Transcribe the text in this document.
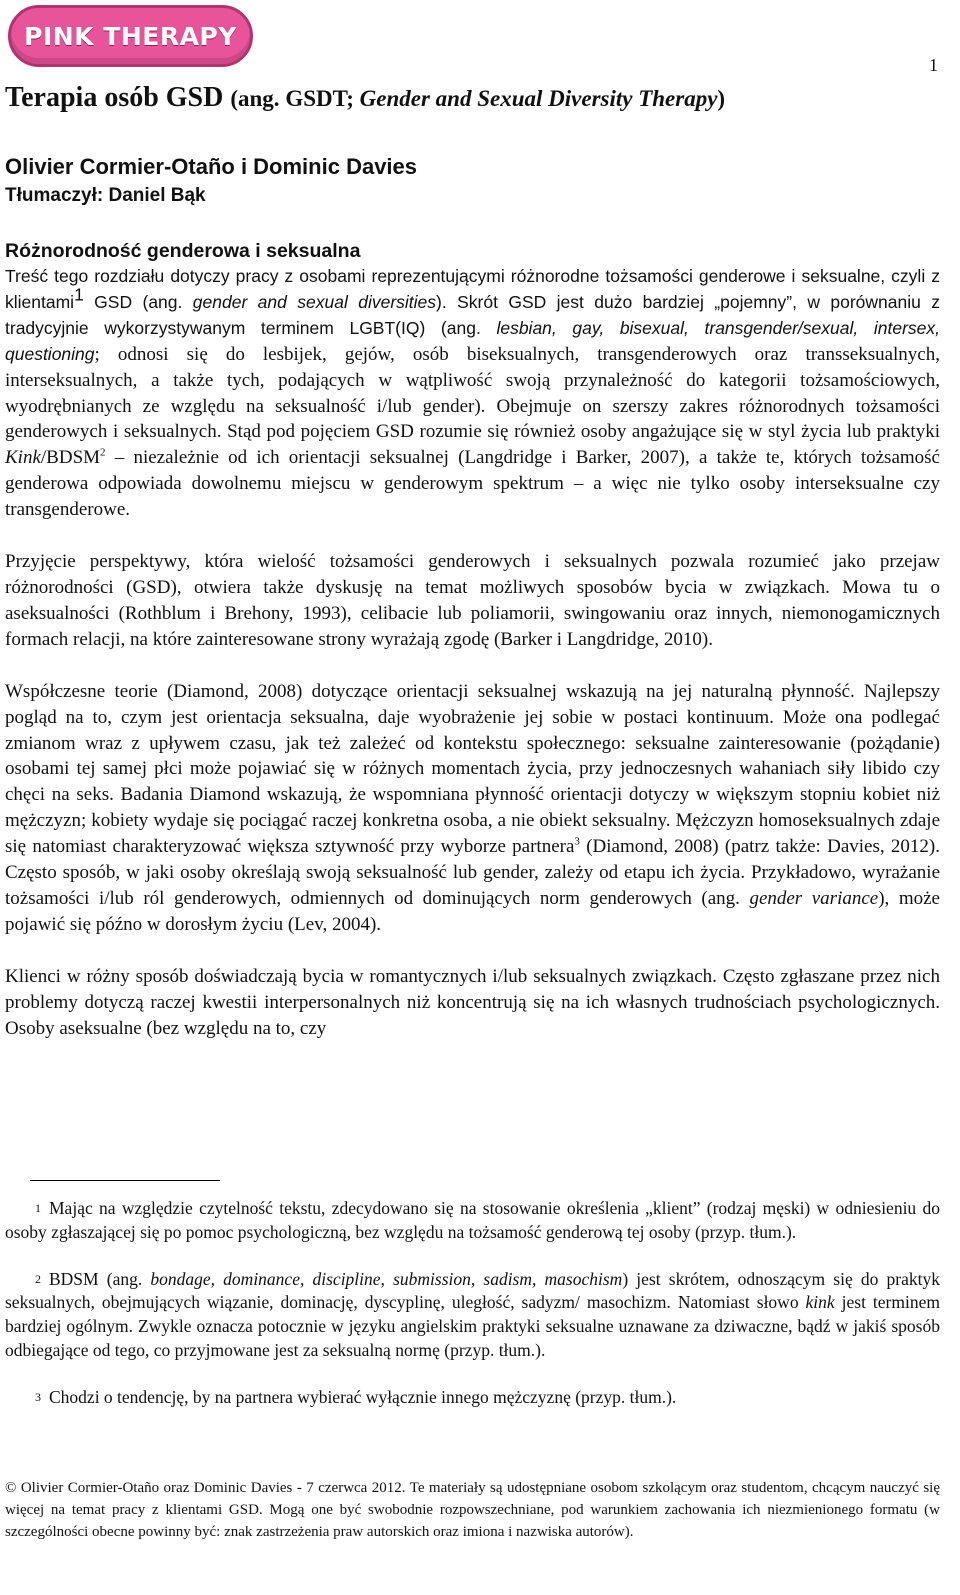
PINK THERAPY
1
Terapia osób GSD (ang. GSDT; Gender and Sexual Diversity Therapy)
Olivier Cormier-Otaño i Dominic Davies
Tłumaczył: Daniel Bąk
Różnorodność genderowa i seksualna

Treść tego rozdziału dotyczy pracy z osobami reprezentującymi różnorodne tożsamości genderowe i seksualne, czyli z klientami$^1$ GSD (ang. gender and sexual diversities). Skrót GSD jest dużo bardziej „pojemny”, w porównaniu z tradycyjnie wykorzystywanym terminem LGBT(IQ) (ang. lesbian, gay, bisexual, transgender/sexual, intersex, questioning; odnosi się do lesbijek, gejów, osób biseksualnych, transgenderowych oraz transseksualnych, interseksualnych, a także tych, podających w wątpliwość swoją przynależność do kategorii tożsamościowych, wyodrębnianych ze względu na seksualność i/lub gender). Obejmuje on szerszy zakres różnorodnych tożsamości genderowych i seksualnych. Stąd pod pojęciem GSD rozumie się również osoby angażujące się w styl życia lub praktyki Kink/BDSM$^2$ – niezależnie od ich orientacji seksualnej (Langdridge i Barker, 2007), a także te, których tożsamość genderowa odpowiada dowolnemu miejscu w genderowym spektrum – a więc nie tylko osoby interseksualne czy transgenderowe.

Przyjęcie perspektywy, która wielość tożsamości genderowych i seksualnych pozwala rozumieć jako przejaw różnorodności (GSD), otwiera także dyskusję na temat możliwych sposobów bycia w związkach. Mowa tu o aseksualności (Rothblum i Brehony, 1993), celibacie lub poliamorii, swingowaniu oraz innych, niemonogamicznych formach relacji, na które zainteresowane strony wyrażają zgodę (Barker i Langdridge, 2010).

Współczesne teorie (Diamond, 2008) dotyczące orientacji seksualnej wskazują na jej naturalną płynność. Najlepszy pogląd na to, czym jest orientacja seksualna, daje wyobrażenie jej sobie w postaci kontinuum. Może ona podlegać zmianom wraz z upływem czasu, jak też zależeć od kontekstu społecznego: seksualne zainteresowanie (pożądanie) osobami tej samej płci może pojawiać się w różnych momentach życia, przy jednoczesnych wahaniach siły libido czy chęci na seks. Badania Diamond wskazują, że wspomniana płynność orientacji dotyczy w większym stopniu kobiet niż mężczyzn; kobiety wydaje się pociągać raczej konkretna osoba, a nie obiekt seksualny. Mężczyzn homoseksualnych zdaje się natomiast charakteryzować większa sztywność przy wyborze partnera$^3$ (Diamond, 2008) (patrz także: Davies, 2012). Często sposób, w jaki osoby określają swoją seksualność lub gender, zależy od etapu ich życia. Przykładowo, wyrażanie tożsamości i/lub ról genderowych, odmiennych od dominujących norm genderowych (ang. gender variance), może pojawić się późno w dorosłym życiu (Lev, 2004).

Klienci w różny sposób doświadczają bycia w romantycznych i/lub seksualnych związkach. Często zgłaszane przez nich problemy dotyczą raczej kwestii interpersonalnych niż koncentrują się na ich własnych trudnościach psychologicznych. Osoby aseksualne (bez względu na to, czy

$^1$ Mając na względzie czytelność tekstu, zdecydowano się na stosowanie określenia „klient” (rodzaj męski) w odniesieniu do osoby zgłaszającej się po pomoc psychologiczną, bez względu na tożsamość genderową tej osoby (przyp. tłum.).

$^2$ BDSM (ang. bondage, dominance, discipline, submission, sadism, masochism) jest skrótem, odnoszącym się do praktyk seksualnych, obejmujących wiązanie, dominację, dyscyplinę, uległość, sadyzm/ masochizm. Natomiast słowo kink jest terminem bardziej ogólnym. Zwykle oznacza potocznie w języku angielskim praktyki seksualne uznawane za dziwaczne, bądź w jakiś sposób odbiegające od tego, co przyjmowane jest za seksualną normę (przyp. tłum.).

$^3$ Chodzi o tendencję, by na partnera wybierać wyłącznie innego mężczyznę (przyp. tłum.).

© Olivier Cormier-Otaño oraz Dominic Davies - 7 czerwca 2012. Te materiały są udostępniane osobom szkolącym oraz studentom, chcącym nauczyć się więcej na temat pracy z klientami GSD. Mogą one być swobodnie rozpowszechniane, pod warunkiem zachowania ich niezmienionego formatu (w szczególności obecne powinny być: znak zastrzeżenia praw autorskich oraz imiona i nazwiska autorów).
